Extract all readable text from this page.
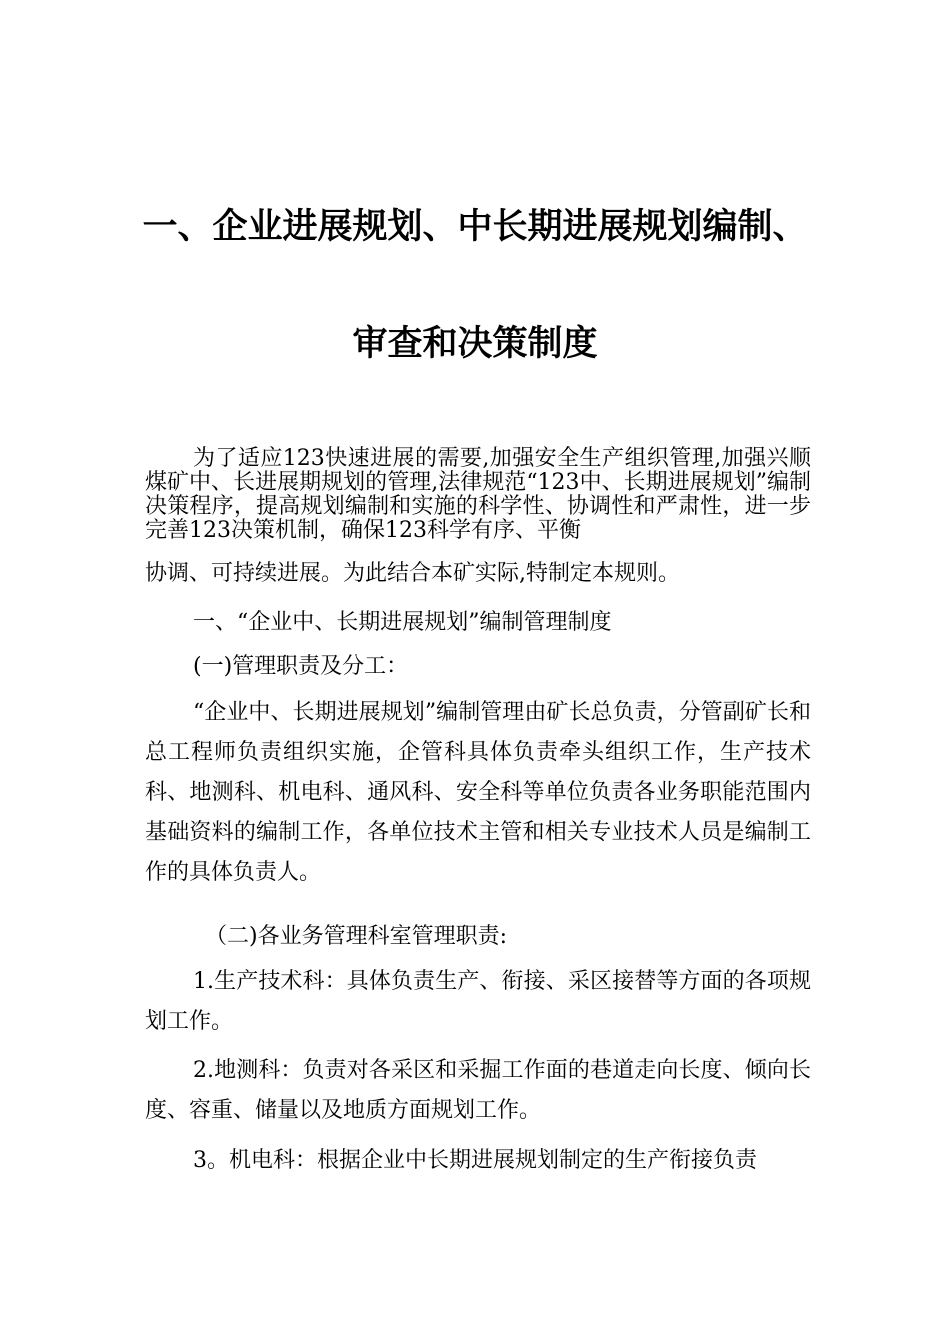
一、企业进展规划、中长期进展规划编制、
审查和决策制度

为了适应123快速进展的需要,加强安全生产组织管理,加强兴顺煤矿中、长进展期规划的管理,法律规范“123中、长期进展规划”编制决策程序，提高规划编制和实施的科学性、协调性和严肃性，进一步完善123决策机制，确保123科学有序、平衡

协调、可持续进展。为此结合本矿实际,特制定本规则。

一、“企业中、长期进展规划”编制管理制度

(一)管理职责及分工：

“企业中、长期进展规划”编制管理由矿长总负责，分管副矿长和总工程师负责组织实施，企管科具体负责牵头组织工作，生产技术科、地测科、机电科、通风科、安全科等单位负责各业务职能范围内基础资料的编制工作，各单位技术主管和相关专业技术人员是编制工作的具体负责人。

（二)各业务管理科室管理职责:

1.生产技术科：具体负责生产、衔接、采区接替等方面的各项规划工作。

2.地测科：负责对各采区和采掘工作面的巷道走向长度、倾向长度、容重、储量以及地质方面规划工作。

3。机电科：根据企业中长期进展规划制定的生产衔接负责
